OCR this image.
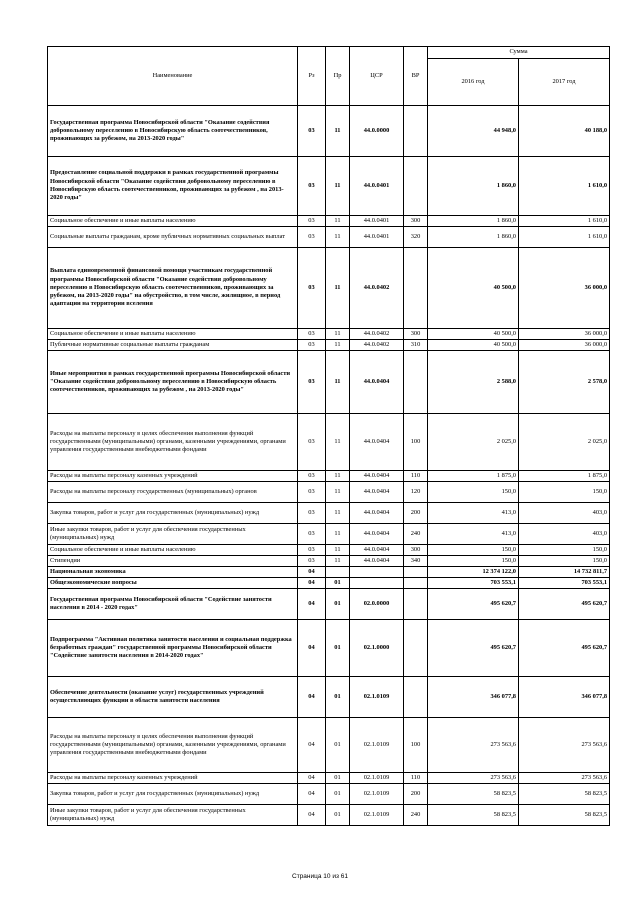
Наименование	Рз	Пр	ЦСР	ВР	Сумма	
					2016 год	2017 год
Государственная программа Новосибирской области "Оказание содействия добровольному переселению в Новосибирскую область соотечественников, проживающих за рубежом, на 2013-2020 годы"	03	11	44.0.0000		44 948,0	40 188,0
Предоставление социальной поддержки в рамках государственной программы Новосибирской области "Оказание содействия добровольному переселению в Новосибирскую область соотечественников, проживающих за рубежом , на 2013-2020 годы"	03	11	44.0.0401		1 860,0	1 610,0
Социальное обеспечение и иные выплаты населению	03	11	44.0.0401	300	1 860,0	1 610,0
Социальные выплаты гражданам, кроме публичных нормативных социальных выплат	03	11	44.0.0401	320	1 860,0	1 610,0
Выплата единовременной финансовой помощи участникам государственной программы Новосибирской области "Оказание содействия добровольному переселению в Новосибирскую область соотечественников, проживающих за рубежом, на 2013-2020 годы" на обустройство, в том числе, жилищное, в период адаптации на территории вселения	03	11	44.0.0402		40 500,0	36 000,0
Социальное обеспечение и иные выплаты населению	03	11	44.0.0402	300	40 500,0	36 000,0
Публичные нормативные социальные выплаты гражданам	03	11	44.0.0402	310	40 500,0	36 000,0
Иные мероприятия в рамках государственной программы Новосибирской области "Оказание содействия добровольному переселению в Новосибирскую область соотечественников, проживающих за рубежом , на 2013-2020 годы"	03	11	44.0.0404		2 588,0	2 578,0
Расходы на выплаты персоналу в целях обеспечения выполнения функций государственными (муниципальными) органами, казенными учреждениями, органами управления государственными внебюджетными фондами	03	11	44.0.0404	100	2 025,0	2 025,0
Расходы на выплаты персоналу казенных учреждений	03	11	44.0.0404	110	1 875,0	1 875,0
Расходы на выплаты персоналу государственных (муниципальных) органов	03	11	44.0.0404	120	150,0	150,0
Закупка товаров, работ и услуг для государственных (муниципальных) нужд	03	11	44.0.0404	200	413,0	403,0
Иные закупки товаров, работ и услуг для обеспечения государственных (муниципальных) нужд	03	11	44.0.0404	240	413,0	403,0
Социальное обеспечение и иные выплаты населению	03	11	44.0.0404	300	150,0	150,0
Стипендии	03	11	44.0.0404	340	150,0	150,0
Национальная экономика	04				12 374 122,0	14 732 811,7
Общеэкономические вопросы	04	01			703 553,1	703 553,1
Государственная программа Новосибирской области "Содействие занятости населения в 2014 - 2020 годах"	04	01	02.0.0000		495 620,7	495 620,7
Подпрограмма "Активная политика занятости населения и социальная поддержка безработных граждан" государственной программы Новосибирской области "Содействие занятости населения в 2014-2020 годах"	04	01	02.1.0000		495 620,7	495 620,7
Обеспечение деятельности (оказание услуг) государственных учреждений осуществляющих функции в области занятости населения	04	01	02.1.0109		346 077,8	346 077,8
Расходы на выплаты персоналу в целях обеспечения выполнения функций государственными (муниципальными) органами, казенными учреждениями, органами управления государственными внебюджетными фондами	04	01	02.1.0109	100	273 563,6	273 563,6
Расходы на выплаты персоналу казенных учреждений	04	01	02.1.0109	110	273 563,6	273 563,6
Закупка товаров, работ и услуг для государственных (муниципальных) нужд	04	01	02.1.0109	200	58 823,5	58 823,5
Иные закупки товаров, работ и услуг для обеспечения государственных (муниципальных) нужд	04	01	02.1.0109	240	58 823,5	58 823,5
Страница 10 из 61
